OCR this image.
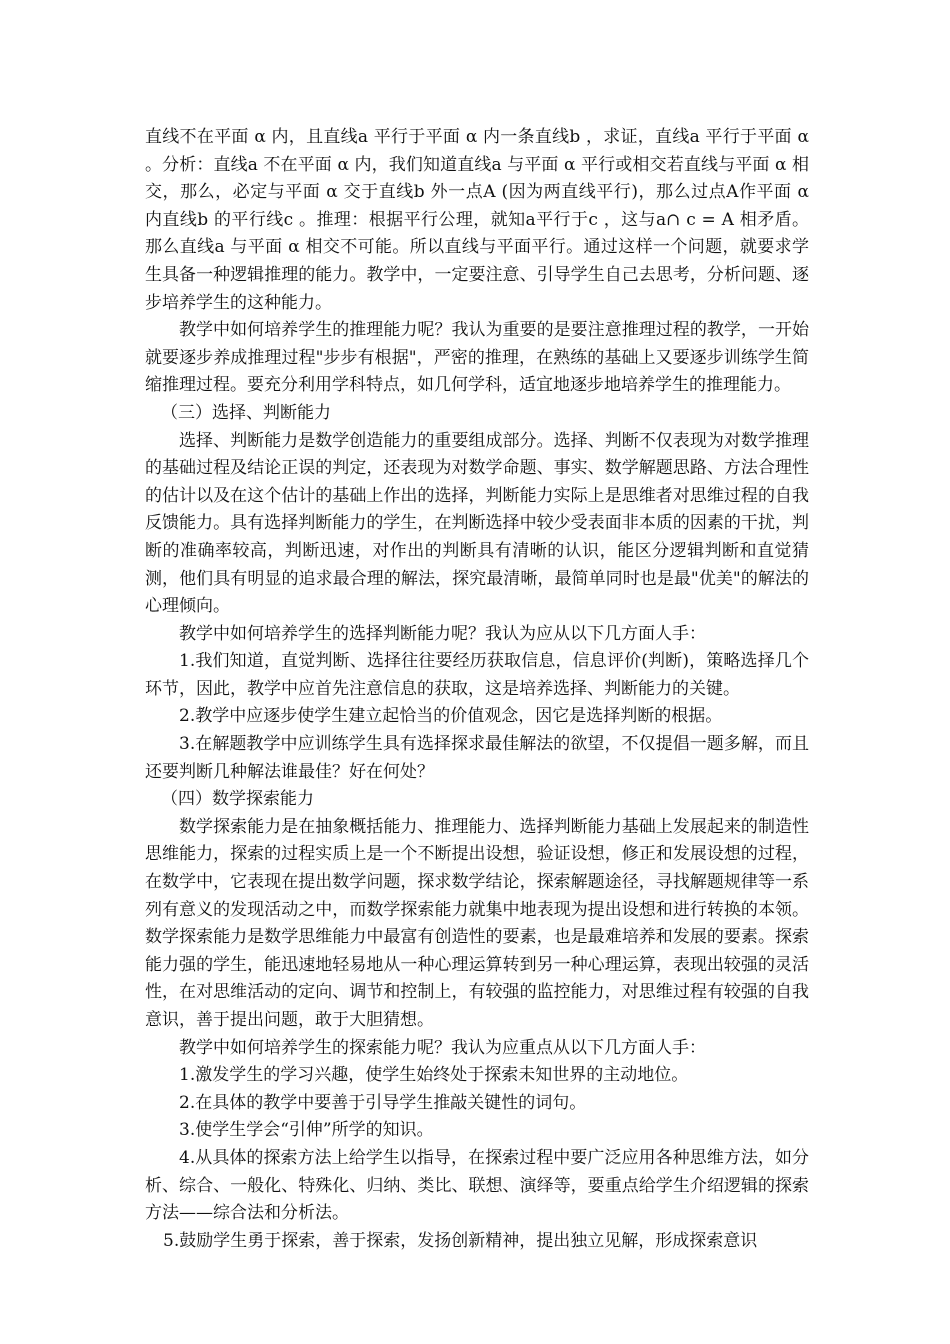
直线不在平面 α 内，且直线a 平行于平面 α 内一条直线b ，求证，直线a 平行于平面 α 。分析：直线a 不在平面 α 内，我们知道直线a 与平面 α 平行或相交若直线与平面 α 相交，那么，必定与平面 α 交于直线b 外一点A (因为两直线平行)，那么过点A作平面 α 内直线b 的平行线c 。推理：根据平行公理，就知a平行于c ，这与a∩ c = A 相矛盾。那么直线a 与平面 α 相交不可能。所以直线与平面平行。通过这样一个问题，就要求学生具备一种逻辑推理的能力。教学中，一定要注意、引导学生自己去思考，分析问题、逐步培养学生的这种能力。

教学中如何培养学生的推理能力呢？我认为重要的是要注意推理过程的教学，一开始就要逐步养成推理过程"步步有根据"，严密的推理，在熟练的基础上又要逐步训练学生简缩推理过程。要充分利用学科特点，如几何学科，适宜地逐步地培养学生的推理能力。

（三）选择、判断能力

选择、判断能力是数学创造能力的重要组成部分。选择、判断不仅表现为对数学推理的基础过程及结论正误的判定，还表现为对数学命题、事实、数学解题思路、方法合理性的估计以及在这个估计的基础上作出的选择，判断能力实际上是思维者对思维过程的自我反馈能力。具有选择判断能力的学生，在判断选择中较少受表面非本质的因素的干扰，判断的准确率较高，判断迅速，对作出的判断具有清晰的认识，能区分逻辑判断和直觉猜测，他们具有明显的追求最合理的解法，探究最清晰，最简单同时也是最"优美"的解法的心理倾向。

教学中如何培养学生的选择判断能力呢？我认为应从以下几方面人手：

1.我们知道，直觉判断、选择往往要经历获取信息，信息评价(判断)，策略选择几个环节，因此，教学中应首先注意信息的获取，这是培养选择、判断能力的关键。

2.教学中应逐步使学生建立起恰当的价值观念，因它是选择判断的根据。

3.在解题教学中应训练学生具有选择探求最佳解法的欲望，不仅提倡一题多解，而且还要判断几种解法谁最佳？好在何处？

（四）数学探索能力

数学探索能力是在抽象概括能力、推理能力、选择判断能力基础上发展起来的制造性思维能力，探索的过程实质上是一个不断提出设想，验证设想，修正和发展设想的过程，在数学中，它表现在提出数学问题，探求数学结论，探索解题途径，寻找解题规律等一系列有意义的发现活动之中，而数学探索能力就集中地表现为提出设想和进行转换的本领。数学探索能力是数学思维能力中最富有创造性的要素，也是最难培养和发展的要素。探索能力强的学生，能迅速地轻易地从一种心理运算转到另一种心理运算，表现出较强的灵活性，在对思维活动的定向、调节和控制上，有较强的监控能力，对思维过程有较强的自我意识，善于提出问题，敢于大胆猜想。

教学中如何培养学生的探索能力呢？我认为应重点从以下几方面人手：

1.激发学生的学习兴趣，使学生始终处于探索未知世界的主动地位。

2.在具体的教学中要善于引导学生推敲关键性的词句。

3.使学生学会“引伸”所学的知识。

4.从具体的探索方法上给学生以指导，在探索过程中要广泛应用各种思维方法，如分析、综合、一般化、特殊化、归纳、类比、联想、演绎等，要重点给学生介绍逻辑的探索方法——综合法和分析法。

5.鼓励学生勇于探索，善于探索，发扬创新精神，提出独立见解，形成探索意识
